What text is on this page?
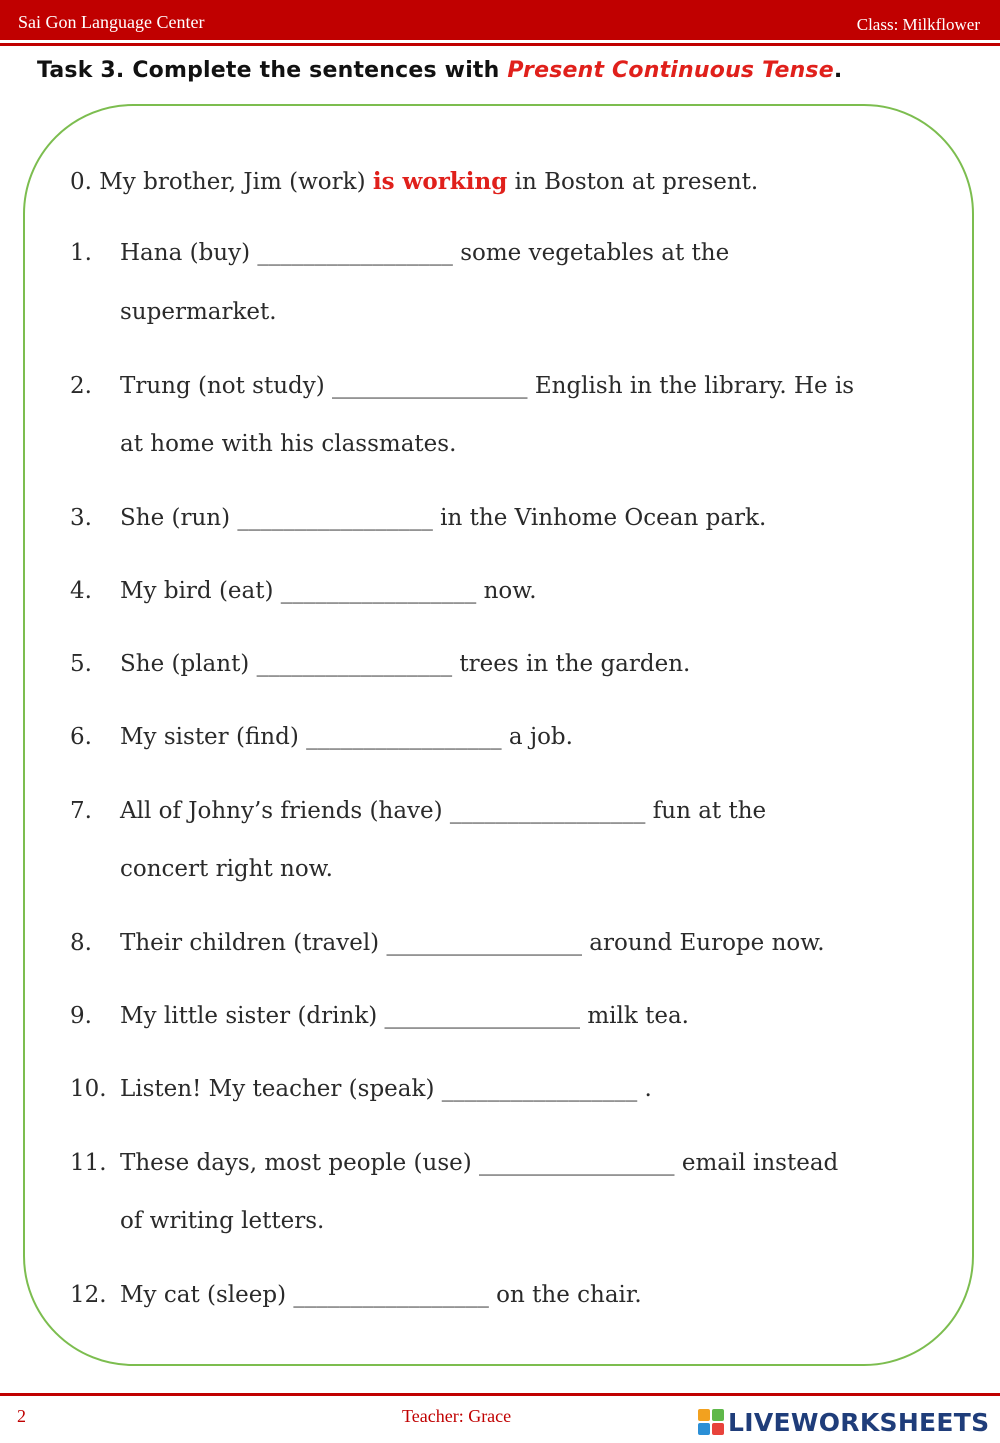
Sai Gon Language Center	Class: Milkflower
Task 3. Complete the sentences with Present Continuous Tense.
0. My brother, Jim (work) is working in Boston at present.
1. Hana (buy) _________________ some vegetables at the
supermarket.
2. Trung (not study) _________________ English in the library. He is
at home with his classmates.
3. She (run) _________________ in the Vinhome Ocean park.
4. My bird (eat) _________________ now.
5. She (plant) _________________ trees in the garden.
6. My sister (find) _________________ a job.
7. All of Johny’s friends (have) _________________ fun at the
concert right now.
8. Their children (travel) _________________ around Europe now.
9. My little sister (drink) _________________ milk tea.
10. Listen! My teacher (speak) _________________ .
11. These days, most people (use) _________________ email instead
of writing letters.
12. My cat (sleep) _________________ on the chair.
2	Teacher: Grace	LIVEWORKSHEETS
